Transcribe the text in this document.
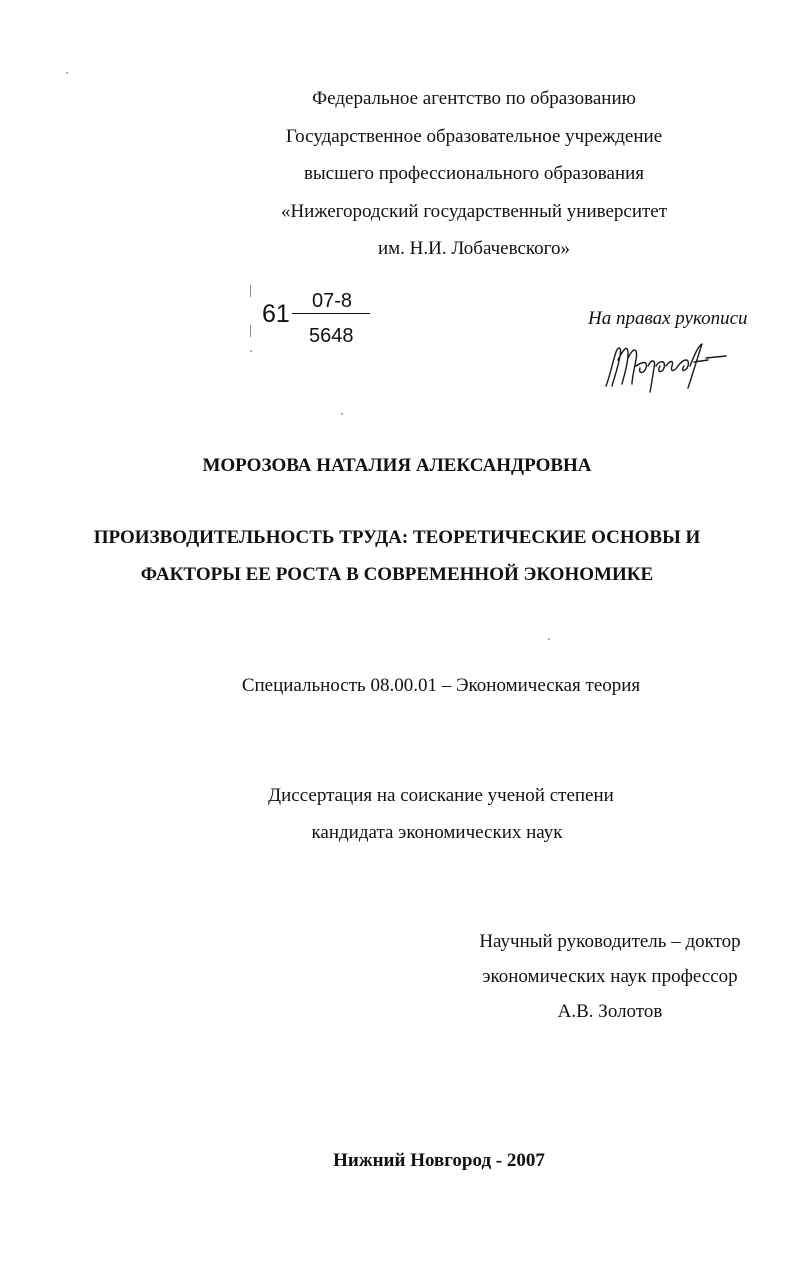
Федеральное агентство по образованию
Государственное образовательное учреждение
высшего профессионального образования
«Нижегородский государственный университет
им. Н.И. Лобачевского»
61 07-8
5648
На правах рукописи
МОРОЗОВА НАТАЛИЯ АЛЕКСАНДРОВНА
ПРОИЗВОДИТЕЛЬНОСТЬ ТРУДА: ТЕОРЕТИЧЕСКИЕ ОСНОВЫ И
ФАКТОРЫ ЕЕ РОСТА В СОВРЕМЕННОЙ ЭКОНОМИКЕ
Специальность 08.00.01 – Экономическая теория
Диссертация на соискание ученой степени
кандидата экономических наук
Научный руководитель – доктор
экономических наук профессор
А.В. Золотов
Нижний Новгород - 2007
